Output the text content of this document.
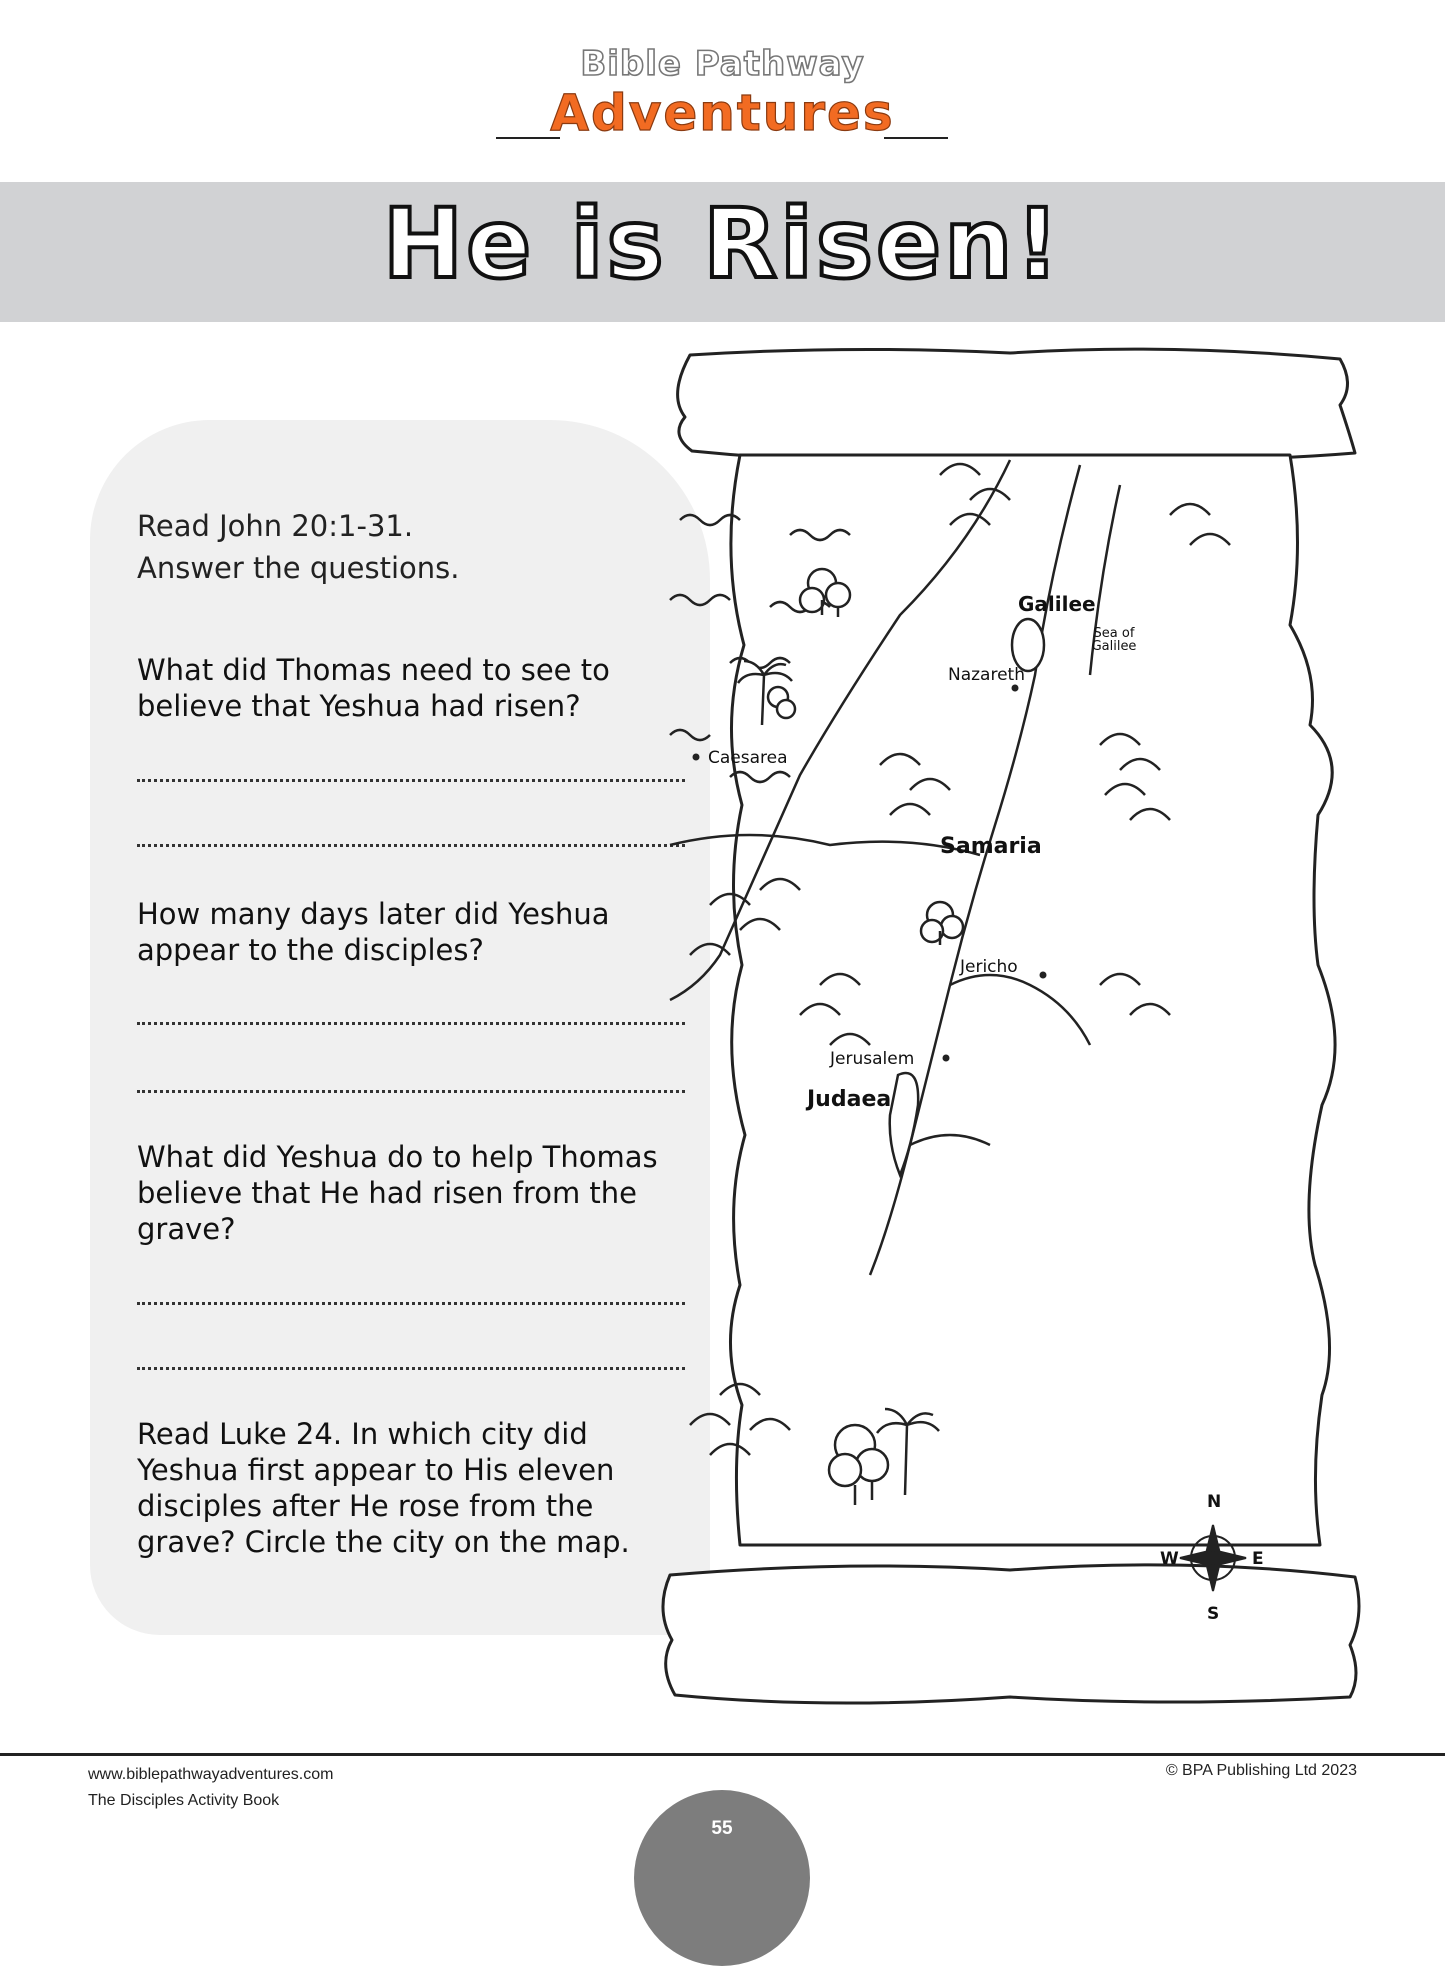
Bible Pathway
Adventures
He is Risen!
Read John 20:1-31.
Answer the questions.
What did Thomas need to see to
believe that Yeshua had risen?
How many days later did Yeshua
appear to the disciples?
What did Yeshua do to help Thomas
believe that He had risen from the
grave?
Read Luke 24. In which city did
Yeshua first appear to His eleven
disciples after He rose from the
grave? Circle the city on the map.
Galilee
Sea of
Galilee
Nazareth
Caesarea
Samaria
Jericho
Jerusalem
Judaea
N
S
E
W
www.biblepathwayadventures.com
The Disciples Activity Book
© BPA Publishing Ltd 2023
55
